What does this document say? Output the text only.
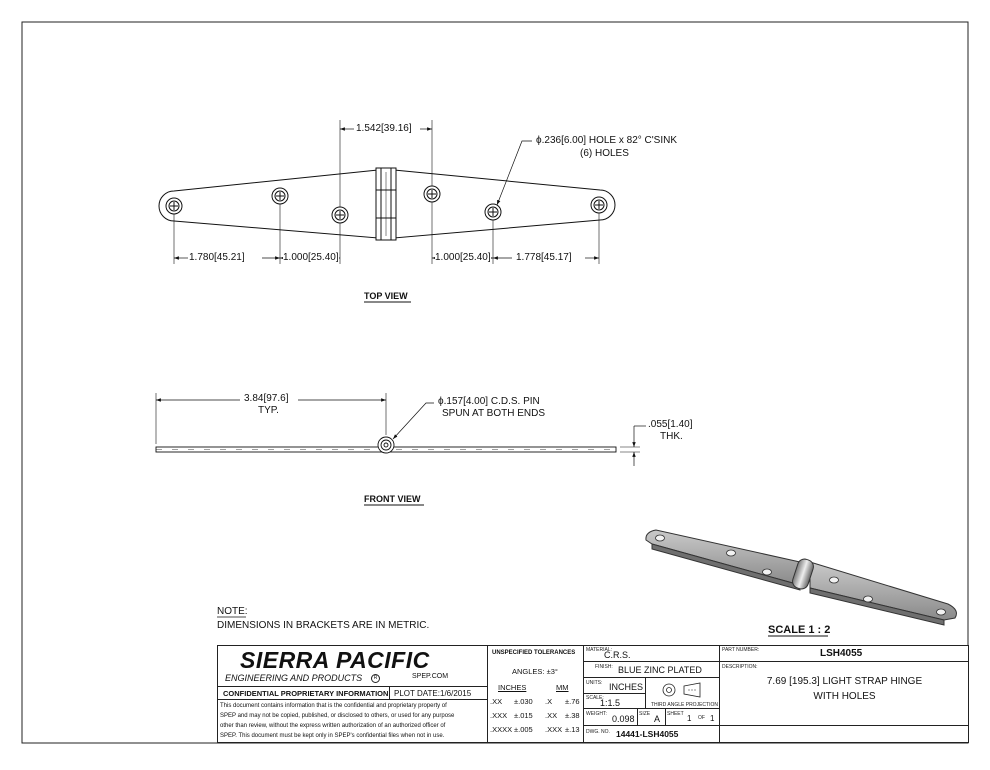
1.542[39.16]
1.780[45.21]	1.000[25.40]	1.000[25.40]	1.778[45.17]
ϕ.236[6.00] HOLE x 82° C'SINK
(6) HOLES
TOP VIEW
3.84[97.6]
TYP.
ϕ.157[4.00] C.D.S. PIN
SPUN AT BOTH ENDS
.055[1.40]
THK.
FRONT VIEW
SCALE 1 : 2
NOTE:
DIMENSIONS IN BRACKETS ARE IN METRIC.
SIERRA PACIFIC
ENGINEERING AND PRODUCTS	R	SPEP.COM
CONFIDENTIAL PROPRIETARY INFORMATION PLOT DATE: 1/6/2015
This document contains information that is the confidential and proprietary property of
SPEP and may not be copied, published, or disclosed to others, or used for any purpose
other than review, without the express written authorization of an authorized officer of
SPEP. This document must be kept only in SPEP's confidential files when not in use.
UNSPECIFIED TOLERANCES
ANGLES: ±3°
INCHES	MM
.XX ±.030 .X ±.76
.XXX ±.015 .XX ±.38
.XXXX ±.005 .XXX ±.13
MATERIAL:
C.R.S.
FINISH: BLUE ZINC PLATED
UNITS: INCHES
SCALE:
1:1.5	THIRD ANGLE PROJECTION
WEIGHT: 0.098 SIZE A SHEET 1 OF 1
DWG. NO. 14441-LSH4055
PART NUMBER:	LSH4055
DESCRIPTION:
7.69 [195.3] LIGHT STRAP HINGE
WITH HOLES
